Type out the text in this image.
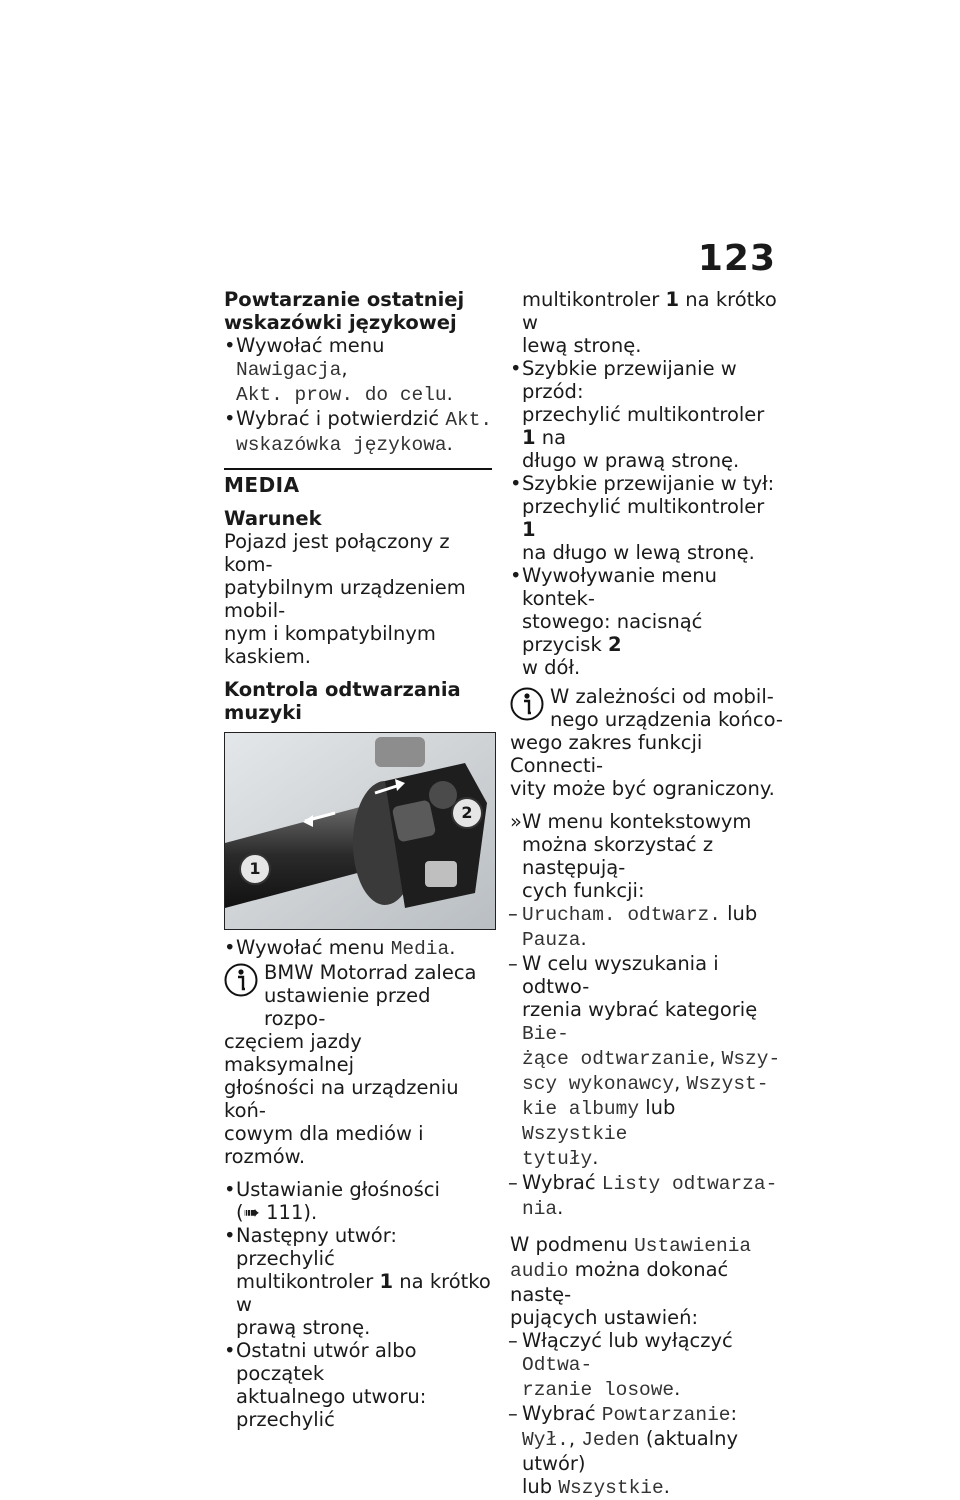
123

Powtarzanie ostatniej
wskazówki językowej

• Wywołać menu Nawigacja,
Akt. prow. do celu.

• Wybrać i potwierdzić Akt.
wskazówka językowa.

MEDIA

Warunek

Pojazd jest połączony z kom-
patybilnym urządzeniem mobil-
nym i kompatybilnym kaskiem.

Kontrola odtwarzania muzyki

1
2

• Wywołać menu Media.

BMW Motorrad zaleca
ustawienie przed rozpo-
częciem jazdy maksymalnej
głośności na urządzeniu koń-
cowym dla mediów i rozmów.

• Ustawianie głośności
(➠ 111).

• Następny utwór: przechylić
multikontroler 1 na krótko w
prawą stronę.

• Ostatni utwór albo początek
aktualnego utworu: przechylić

multikontroler 1 na krótko w
lewą stronę.

• Szybkie przewijanie w przód:
przechylić multikontroler 1 na
długo w prawą stronę.

• Szybkie przewijanie w tył:
przechylić multikontroler 1
na długo w lewą stronę.

• Wywoływanie menu kontek-
stowego: nacisnąć przycisk 2
w dół.

W zależności od mobil-
nego urządzenia końco-
wego zakres funkcji Connecti-
vity może być ograniczony.

» W menu kontekstowym
można skorzystać z następują-
cych funkcji:

– Urucham. odtwarz. lub
Pauza.

– W celu wyszukania i odtwo-
rzenia wybrać kategorię Bie-
żące odtwarzanie, Wszy-
scy wykonawcy, Wszyst-
kie albumy lub Wszystkie
tytuły.

– Wybrać Listy odtwarza-
nia.

W podmenu Ustawienia
audio można dokonać nastę-
pujących ustawień:

– Włączyć lub wyłączyć Odtwa-
rzanie losowe.

– Wybrać Powtarzanie:
Wył., Jeden (aktualny utwór)
lub Wszystkie.
